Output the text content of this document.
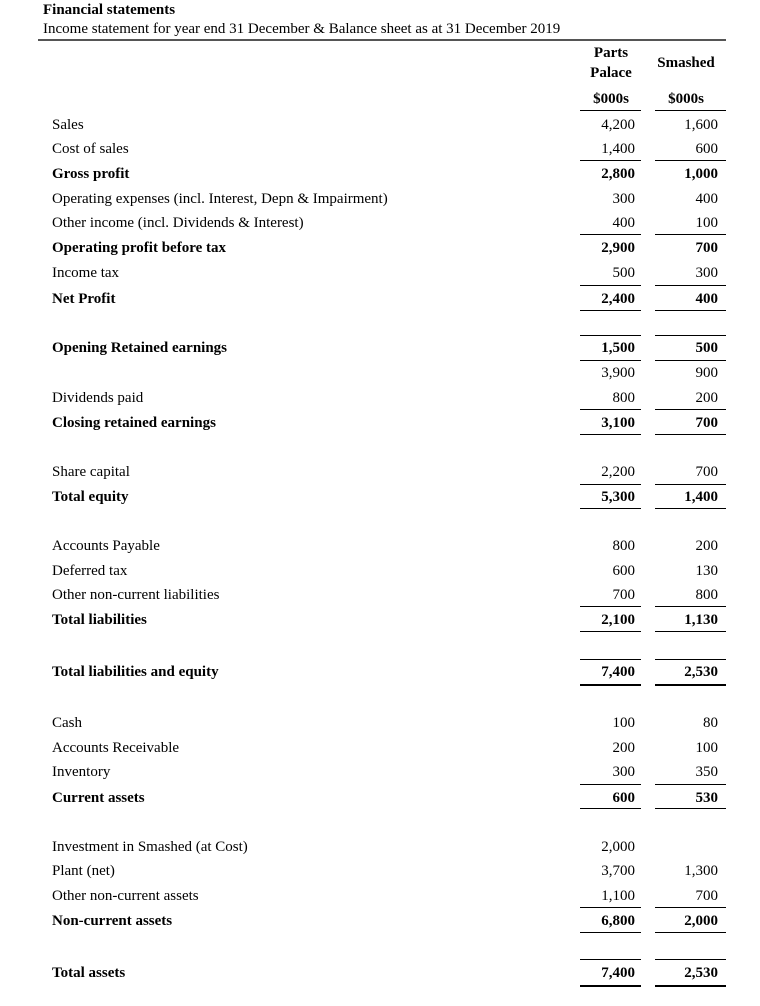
Financial statements
Income statement for year end 31 December & Balance sheet as at 31 December 2019
Parts
Palace
Smashed
$000s	$000s
Sales	4,200	1,600
Cost of sales	1,400	600
Gross profit	2,800	1,000
Operating expenses (incl. Interest, Depn & Impairment)	300	400
Other income (incl. Dividends & Interest)	400	100
Operating profit before tax	2,900	700
Income tax	500	300
Net Profit	2,400	400
Opening Retained earnings	1,500	500
3,900	900
Dividends paid	800	200
Closing retained earnings	3,100	700
Share capital	2,200	700
Total equity	5,300	1,400
Accounts Payable	800	200
Deferred tax	600	130
Other non-current liabilities	700	800
Total liabilities	2,100	1,130
Total liabilities and equity	7,400	2,530
Cash	100	80
Accounts Receivable	200	100
Inventory	300	350
Current assets	600	530
Investment in Smashed (at Cost)	2,000
Plant (net)	3,700	1,300
Other non-current assets	1,100	700
Non-current assets	6,800	2,000
Total assets	7,400	2,530
